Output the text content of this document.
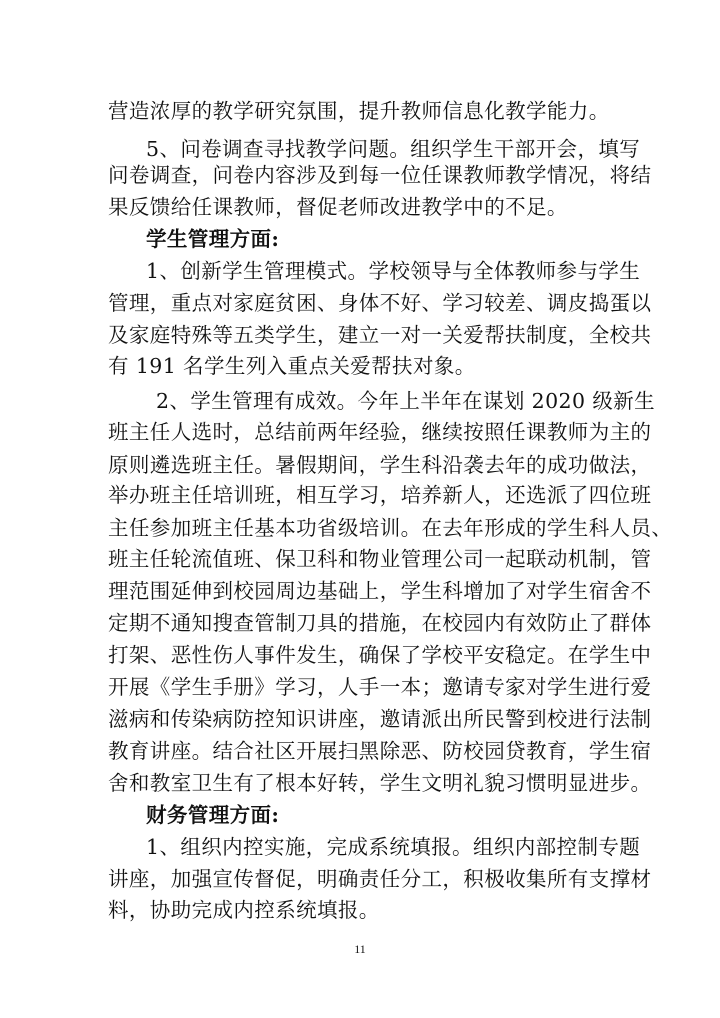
营造浓厚的教学研究氛围，提升教师信息化教学能力。
5、问卷调查寻找教学问题。组织学生干部开会，填写
问卷调查，问卷内容涉及到每一位任课教师教学情况，将结
果反馈给任课教师，督促老师改进教学中的不足。
学生管理方面:
1、创新学生管理模式。学校领导与全体教师参与学生
管理，重点对家庭贫困、身体不好、学习较差、调皮捣蛋以
及家庭特殊等五类学生，建立一对一关爱帮扶制度，全校共
有 191 名学生列入重点关爱帮扶对象。
2、学生管理有成效。今年上半年在谋划 2020 级新生
班主任人选时，总结前两年经验，继续按照任课教师为主的
原则遴选班主任。暑假期间，学生科沿袭去年的成功做法，
举办班主任培训班，相互学习，培养新人，还选派了四位班
主任参加班主任基本功省级培训。在去年形成的学生科人员、
班主任轮流值班、保卫科和物业管理公司一起联动机制，管
理范围延伸到校园周边基础上，学生科增加了对学生宿舍不
定期不通知搜查管制刀具的措施，在校园内有效防止了群体
打架、恶性伤人事件发生，确保了学校平安稳定。在学生中
开展《学生手册》学习，人手一本；邀请专家对学生进行爱
滋病和传染病防控知识讲座，邀请派出所民警到校进行法制
教育讲座。结合社区开展扫黑除恶、防校园贷教育，学生宿
舍和教室卫生有了根本好转，学生文明礼貌习惯明显进步。
财务管理方面:
1、组织内控实施，完成系统填报。组织内部控制专题
讲座，加强宣传督促，明确责任分工，积极收集所有支撑材
料，协助完成内控系统填报。
11
